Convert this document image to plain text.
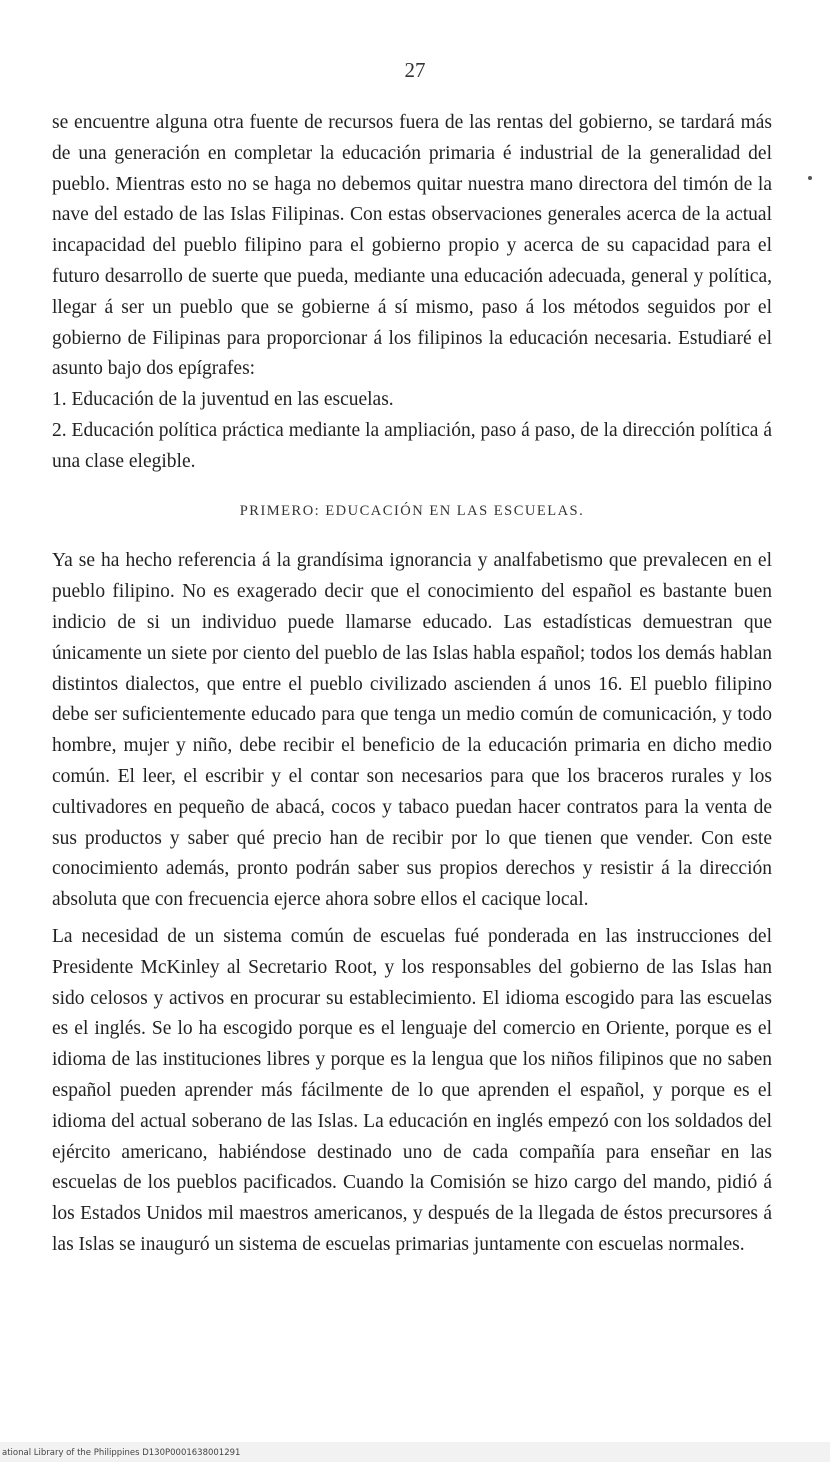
27

se encuentre alguna otra fuente de recursos fuera de las rentas del gobierno, se tardará más de una generación en completar la educación primaria é industrial de la generalidad del pueblo. Mientras esto no se haga no debemos quitar nuestra mano directora del timón de la nave del estado de las Islas Filipinas. Con estas observaciones generales acerca de la actual incapacidad del pueblo filipino para el gobierno propio y acerca de su capacidad para el futuro desarrollo de suerte que pueda, mediante una educación adecuada, general y política, llegar á ser un pueblo que se gobierne á sí mismo, paso á los métodos seguidos por el gobierno de Filipinas para proporcionar á los filipinos la educación necesaria. Estudiaré el asunto bajo dos epígrafes:

1. Educación de la juventud en las escuelas.

2. Educación política práctica mediante la ampliación, paso á paso, de la dirección política á una clase elegible.

PRIMERO: EDUCACIÓN EN LAS ESCUELAS.

Ya se ha hecho referencia á la grandísima ignorancia y analfabetismo que prevalecen en el pueblo filipino. No es exagerado decir que el conocimiento del español es bastante buen indicio de si un individuo puede llamarse educado. Las estadísticas demuestran que únicamente un siete por ciento del pueblo de las Islas habla español; todos los demás hablan distintos dialectos, que entre el pueblo civilizado ascienden á unos 16. El pueblo filipino debe ser suficientemente educado para que tenga un medio común de comunicación, y todo hombre, mujer y niño, debe recibir el beneficio de la educación primaria en dicho medio común. El leer, el escribir y el contar son necesarios para que los braceros rurales y los cultivadores en pequeño de abacá, cocos y tabaco puedan hacer contratos para la venta de sus productos y saber qué precio han de recibir por lo que tienen que vender. Con este conocimiento además, pronto podrán saber sus propios derechos y resistir á la dirección absoluta que con frecuencia ejerce ahora sobre ellos el cacique local.

La necesidad de un sistema común de escuelas fué ponderada en las instrucciones del Presidente McKinley al Secretario Root, y los responsables del gobierno de las Islas han sido celosos y activos en procurar su establecimiento. El idioma escogido para las escuelas es el inglés. Se lo ha escogido porque es el lenguaje del comercio en Oriente, porque es el idioma de las instituciones libres y porque es la lengua que los niños filipinos que no saben español pueden aprender más fácilmente de lo que aprenden el español, y porque es el idioma del actual soberano de las Islas. La educación en inglés empezó con los soldados del ejército americano, habiéndose destinado uno de cada compañía para enseñar en las escuelas de los pueblos pacificados. Cuando la Comisión se hizo cargo del mando, pidió á los Estados Unidos mil maestros americanos, y después de la llegada de éstos precursores á las Islas se inauguró un sistema de escuelas primarias juntamente con escuelas normales.

ational Library of the Philippines D130P0001638001291
